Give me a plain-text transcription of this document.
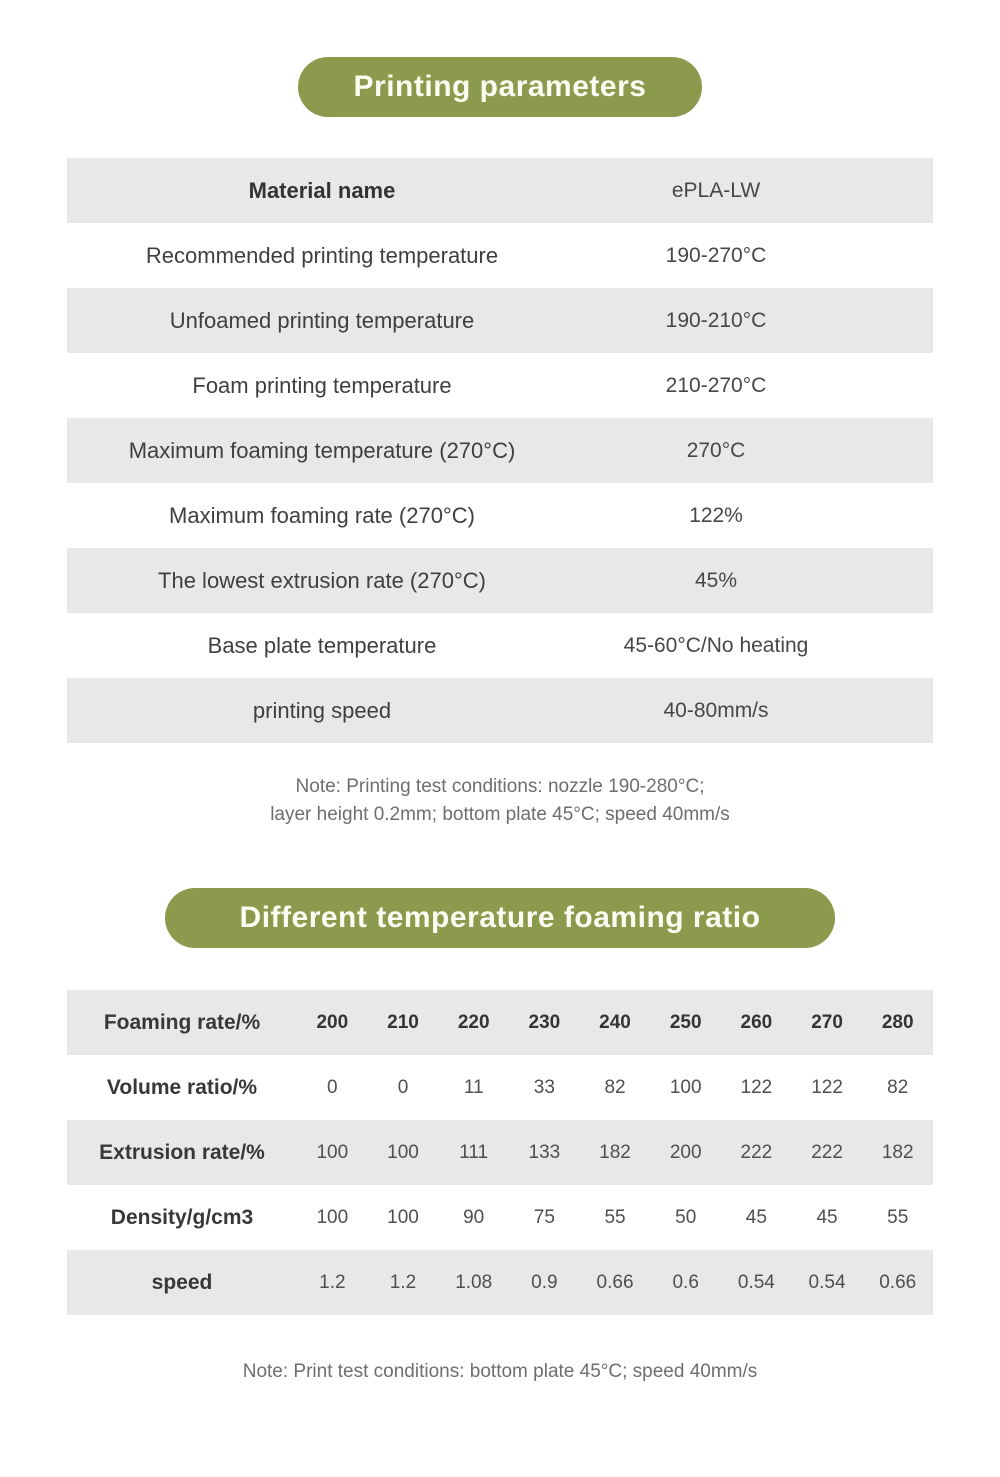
Printing parameters
Material name	ePLA-LW
Recommended printing temperature	190-270°C
Unfoamed printing temperature	190-210°C
Foam printing temperature	210-270°C
Maximum foaming temperature (270°C)	270°C
Maximum foaming rate (270°C)	122%
The lowest extrusion rate (270°C)	45%
Base plate temperature	45-60°C/No heating
printing speed	40-80mm/s
Note: Printing test conditions: nozzle 190-280°C;
layer height 0.2mm; bottom plate 45°C; speed 40mm/s
Different temperature foaming ratio
Foaming rate/%	200	210	220	230	240	250	260	270	280
Volume ratio/%	0	0	11	33	82	100	122	122	82
Extrusion rate/%	100	100	111	133	182	200	222	222	182
Density/g/cm3	100	100	90	75	55	50	45	45	55
speed	1.2	1.2	1.08	0.9	0.66	0.6	0.54	0.54	0.66
Note: Print test conditions: bottom plate 45°C; speed 40mm/s
